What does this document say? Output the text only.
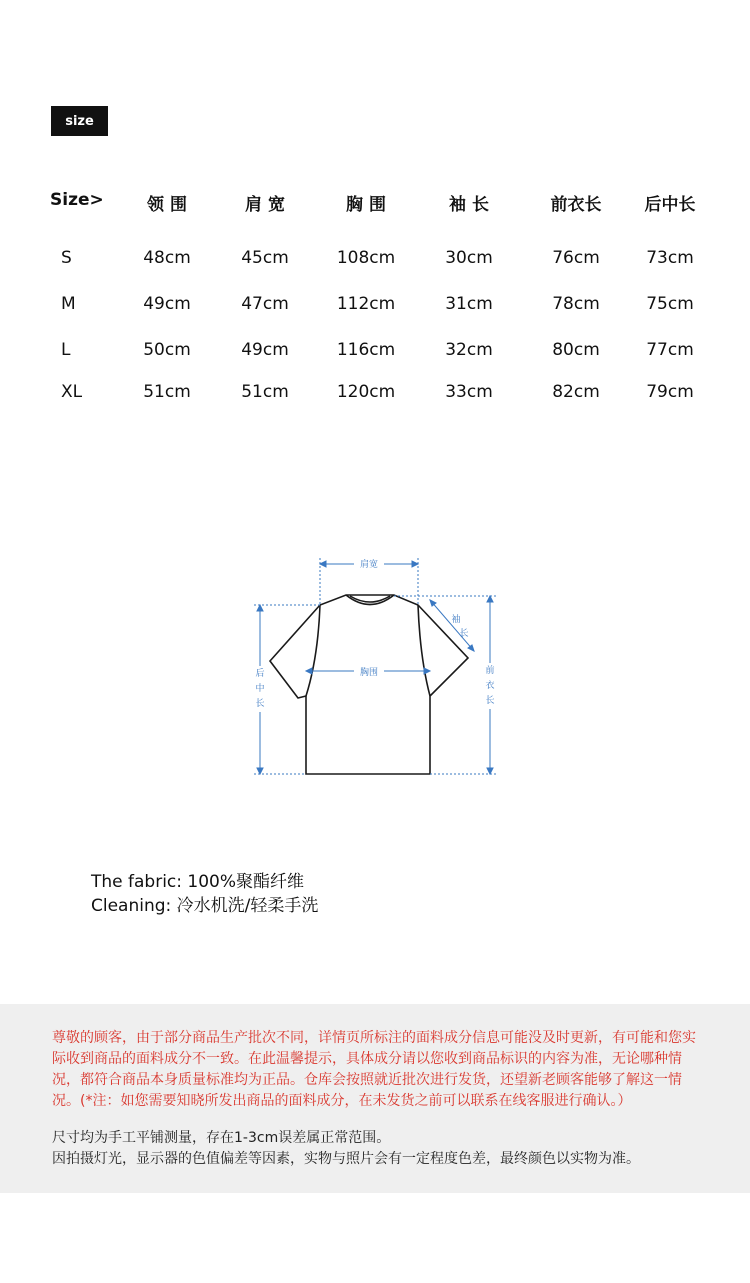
size
Size>	领 围	肩 宽	胸 围	袖 长	前衣长	后中长
S	48cm	45cm	108cm	30cm	76cm	73cm
M	49cm	47cm	112cm	31cm	78cm	75cm
L	50cm	49cm	116cm	32cm	80cm	77cm
XL	51cm	51cm	120cm	33cm	82cm	79cm
肩宽
胸围
后
中
长
前
衣
长
袖
长
The fabric: 100%聚酯纤维
Cleaning: 冷水机洗/轻柔手洗
尊敬的顾客，由于部分商品生产批次不同，详情页所标注的面料成分信息可能没及时更新，有可能和您实际收到商品的面料成分不一致。在此温馨提示，具体成分请以您收到商品标识的内容为准，无论哪种情况，都符合商品本身质量标准均为正品。仓库会按照就近批次进行发货，还望新老顾客能够了解这一情况。(*注：如您需要知晓所发出商品的面料成分，在未发货之前可以联系在线客服进行确认。）
尺寸均为手工平铺测量，存在1-3cm误差属正常范围。
因拍摄灯光，显示器的色值偏差等因素，实物与照片会有一定程度色差，最终颜色以实物为准。
